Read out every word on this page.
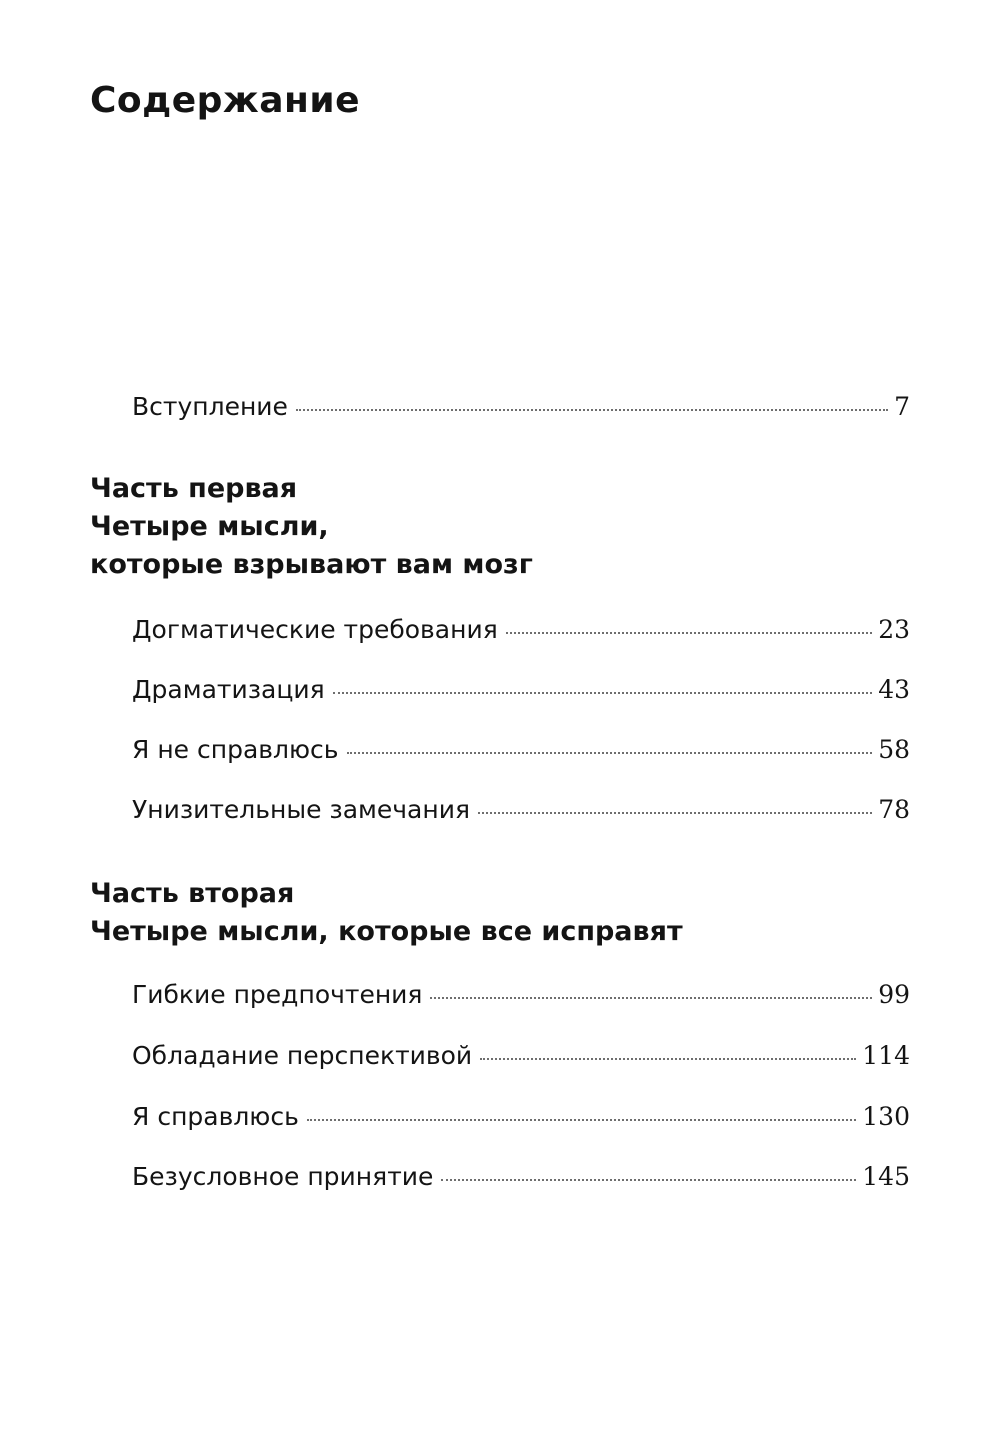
Содержание
Вступление	7
Часть первая
Четыре мысли,
которые взрывают вам мозг
Догматические требования	23
Драматизация	43
Я не справлюсь	58
Унизительные замечания	78
Часть вторая
Четыре мысли, которые все исправят
Гибкие предпочтения	99
Обладание перспективой	114
Я справлюсь	130
Безусловное принятие	145
